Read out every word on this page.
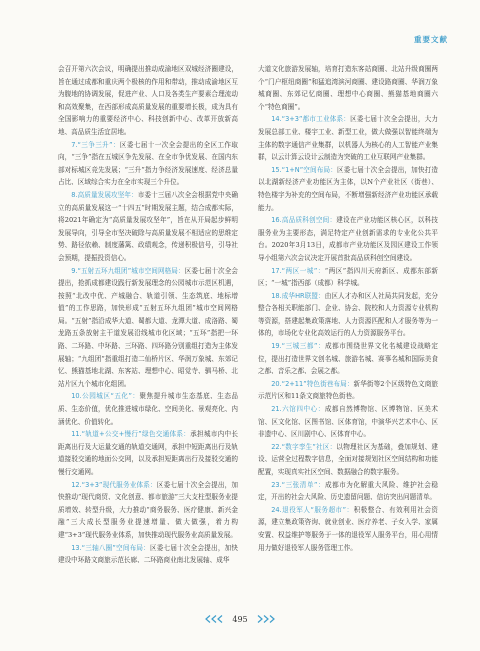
重要文献

会召开第六次会议，明确提出推动成渝地区双城经济圈建设，旨在通过成都和重庆两个极核的作用和带动，推动成渝地区互为腹地的协调发展，促进产业、人口及各类生产要素合理流动和高效聚集，在西部形成高质量发展的重要增长极，成为具有全国影响力的重要经济中心、科技创新中心、改革开放新高地、高品质生活宜居地。

7.“三争三升”：区委七届十一次全会提出的全区工作取向，“三争”指在五城区争先发展、在全市争优发展、在国内东部对标城区竞先发展；“三升”指力争经济发展速度、经济总量占比、区域综合实力在全市实现三个升位。

8.高质量发展攻坚年：市委十三届八次全会根据党中央确立的高质量发展这一“十四五”时期发展主题，结合成都实际，将2021年确定为“高质量发展攻坚年”，旨在从开局起步鲜明发展导向，引导全市坚决破除与高质量发展不相适应的思维定势、路径依赖、制度藩篱、政绩观念，传递积极信号，引导社会预期，提振投资信心。

9.“五射五环九组团”城市空间网格局：区委七届十次全会提出，抢抓成都建设践行新发展理念的公园城市示范区机遇，按照“北改中优、产城融合、轨道引领、生态筑底、地标增值”的工作思路，加快形成“五射五环九组团”城市空间网格局。“五射”指沿成华大道、蜀都大道、龙潭大道、成洛路、蜀龙路五条放射主干道发展沿线城市化区域；“五环”指把一环路、二环路、中环路、三环路、四环路分别重组打造为主体发展轴；“九组团”指重组打造二仙桥片区、华润万象城、东郊记忆、熊猫基地北湖、东客站、理想中心、昭觉寺、驷马桥、北站片区九个城市化组团。

10.公园城区“五化”：聚焦提升城市生态基底、生态品质、生态价值，优化推进城市绿化、空间美化、景观亮化、内涵优化、价值转化。

11.“轨道+公交+慢行”绿色交通体系：承担城市内中长距离出行及大运量交通的轨道交通网，承担中短距离出行及轨道接驳交通的地面公交网，以及承担短距离出行及接驳交通的慢行交通网。

12.“3+3”现代服务业体系：区委七届十次全会提出，加快推动“现代商贸、文化创意、都市旅游”三大支柱型服务业提质增效、转型升级，大力推动“商务服务、医疗健康、新兴金融”三大成长型服务业提速增量、做大做强，着力构建“3+3”现代服务业体系，加快推动现代服务业高质量发展。

13.“三轴八圈”空间布局：区委七届十次全会提出，加快建设中环路文商旅示范长廊、二环路商业南北发展轴、成华

大道文化旅游发展轴，培育打造东客站商圈、北站升级商圈两个“门户枢纽商圈”和猛追湾滨河商圈、建设路商圈、华润万象城商圈、东郊记忆商圈、理想中心商圈、熊猫基地商圈六个“特色商圈”。

14.“3+3”都市工业体系：区委七届十次全会提出，大力发展总部工业、楼宇工业、新型工业，做大做强以智能终端为主体的数字通信产业集群，以机器人为核心的人工智能产业集群，以云计算云设计云制造为突破的工业互联网产业集群。

15.“1+N”空间布局：区委七届十次全会提出，加快打造以北湖新经济产业功能区为主体，以N个产业社区（街巷）、特色楼宇为补充的空间布局，不断增强新经济产业功能区承载能力。

16.高品质科创空间：建设在产业功能区核心区，以科技服务业为主要形态，满足特定产业创新需求的专业化公共平台。2020年3月13日，成都市产业功能区及园区建设工作领导小组第六次会议决定开展首批高品质科创空间建设。

17.“两区一城”：“两区”指四川天府新区、成都东部新区；“一城”指西部（成都）科学城。

18.成华HR联盟：由区人才办和区人社局共同发起，充分整合各相关职能部门、企业、协会、院校和人力资源专业机构等资源，搭建起集政策落地、人力资源匹配和人才服务等为一体的，市场化专业化高效运行的人力资源服务平台。

19.“三城三都”：成都市围绕世界文化名城建设战略定位，提出打造世界文创名城、旅游名城、赛事名城和国际美食之都、音乐之都、会展之都。

20.“2+11”特色街巷布局：新华街等2个区级特色文商旅示范片区和11条文商旅特色街巷。

21.六馆四中心：成都自然博物馆、区博物馆、区美术馆、区文化馆、区图书馆、区体育馆，中演华兴艺术中心、区非遗中心、区川剧中心、区体育中心。

22.“数字孪生”社区：以物理社区为基础，叠加规划、建设、运营全过程数字信息，全面对接规划社区空间结构和功能配置，实现真实社区空间、数据融合的数字服务。

23.“三张清单”：成都市为化解重大风险、维护社会稳定，开出的社会大风险、历史遗留问题、信访突出问题清单。

24.退役军人“服务超市”：积极整合、有效利用社会资源，建立集政策咨询、就业创业、医疗养老、子女入学、家属安置、权益维护等服务于一体的退役军人服务平台，用心用情用力做好退役军人服务管理工作。

495
